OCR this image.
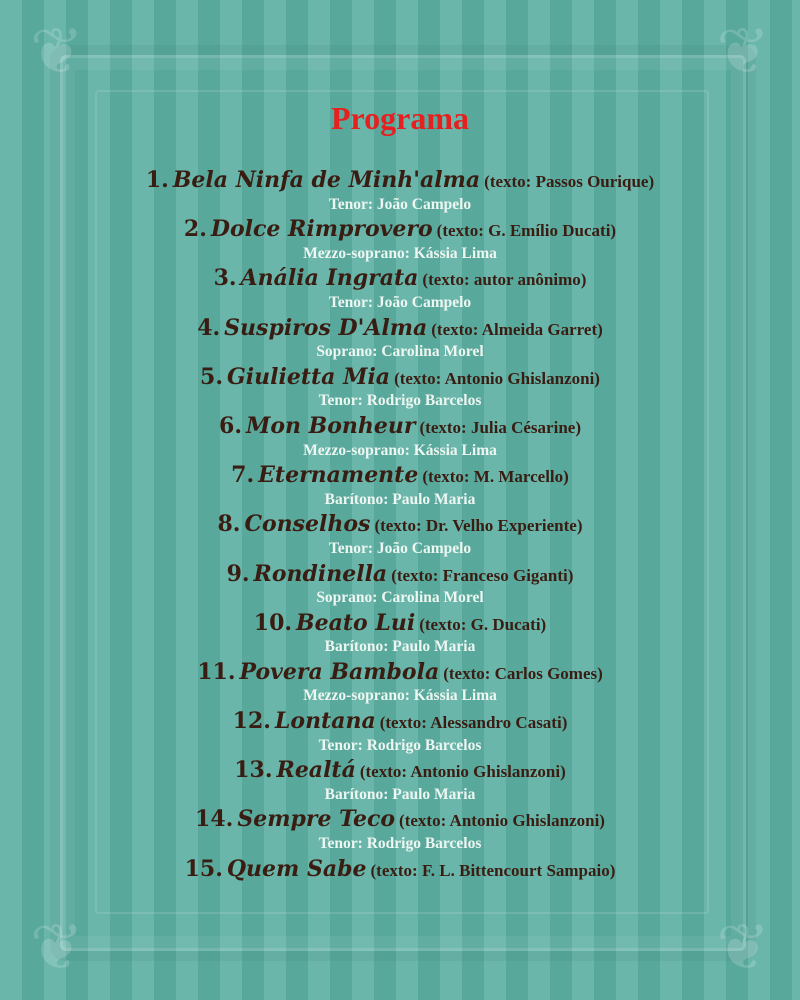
❦	❦
❦	❦
Programa
1. Bela Ninfa de Minh'alma (texto: Passos Ourique)
Tenor: João Campelo
2. Dolce Rimprovero (texto: G. Emílio Ducati)
Mezzo-soprano: Kássia Lima
3. Anália Ingrata (texto: autor anônimo)
Tenor: João Campelo
4. Suspiros D'Alma (texto: Almeida Garret)
Soprano: Carolina Morel
5. Giulietta Mia (texto: Antonio Ghislanzoni)
Tenor: Rodrigo Barcelos
6. Mon Bonheur (texto: Julia Césarine)
Mezzo-soprano: Kássia Lima
7. Eternamente (texto: M. Marcello)
Barítono: Paulo Maria
8. Conselhos (texto: Dr. Velho Experiente)
Tenor: João Campelo
9. Rondinella (texto: Franceso Giganti)
Soprano: Carolina Morel
10. Beato Lui (texto: G. Ducati)
Barítono: Paulo Maria
11. Povera Bambola (texto: Carlos Gomes)
Mezzo-soprano: Kássia Lima
12. Lontana (texto: Alessandro Casati)
Tenor: Rodrigo Barcelos
13. Realtá (texto: Antonio Ghislanzoni)
Barítono: Paulo Maria
14. Sempre Teco (texto: Antonio Ghislanzoni)
Tenor: Rodrigo Barcelos
15. Quem Sabe (texto: F. L. Bittencourt Sampaio)
